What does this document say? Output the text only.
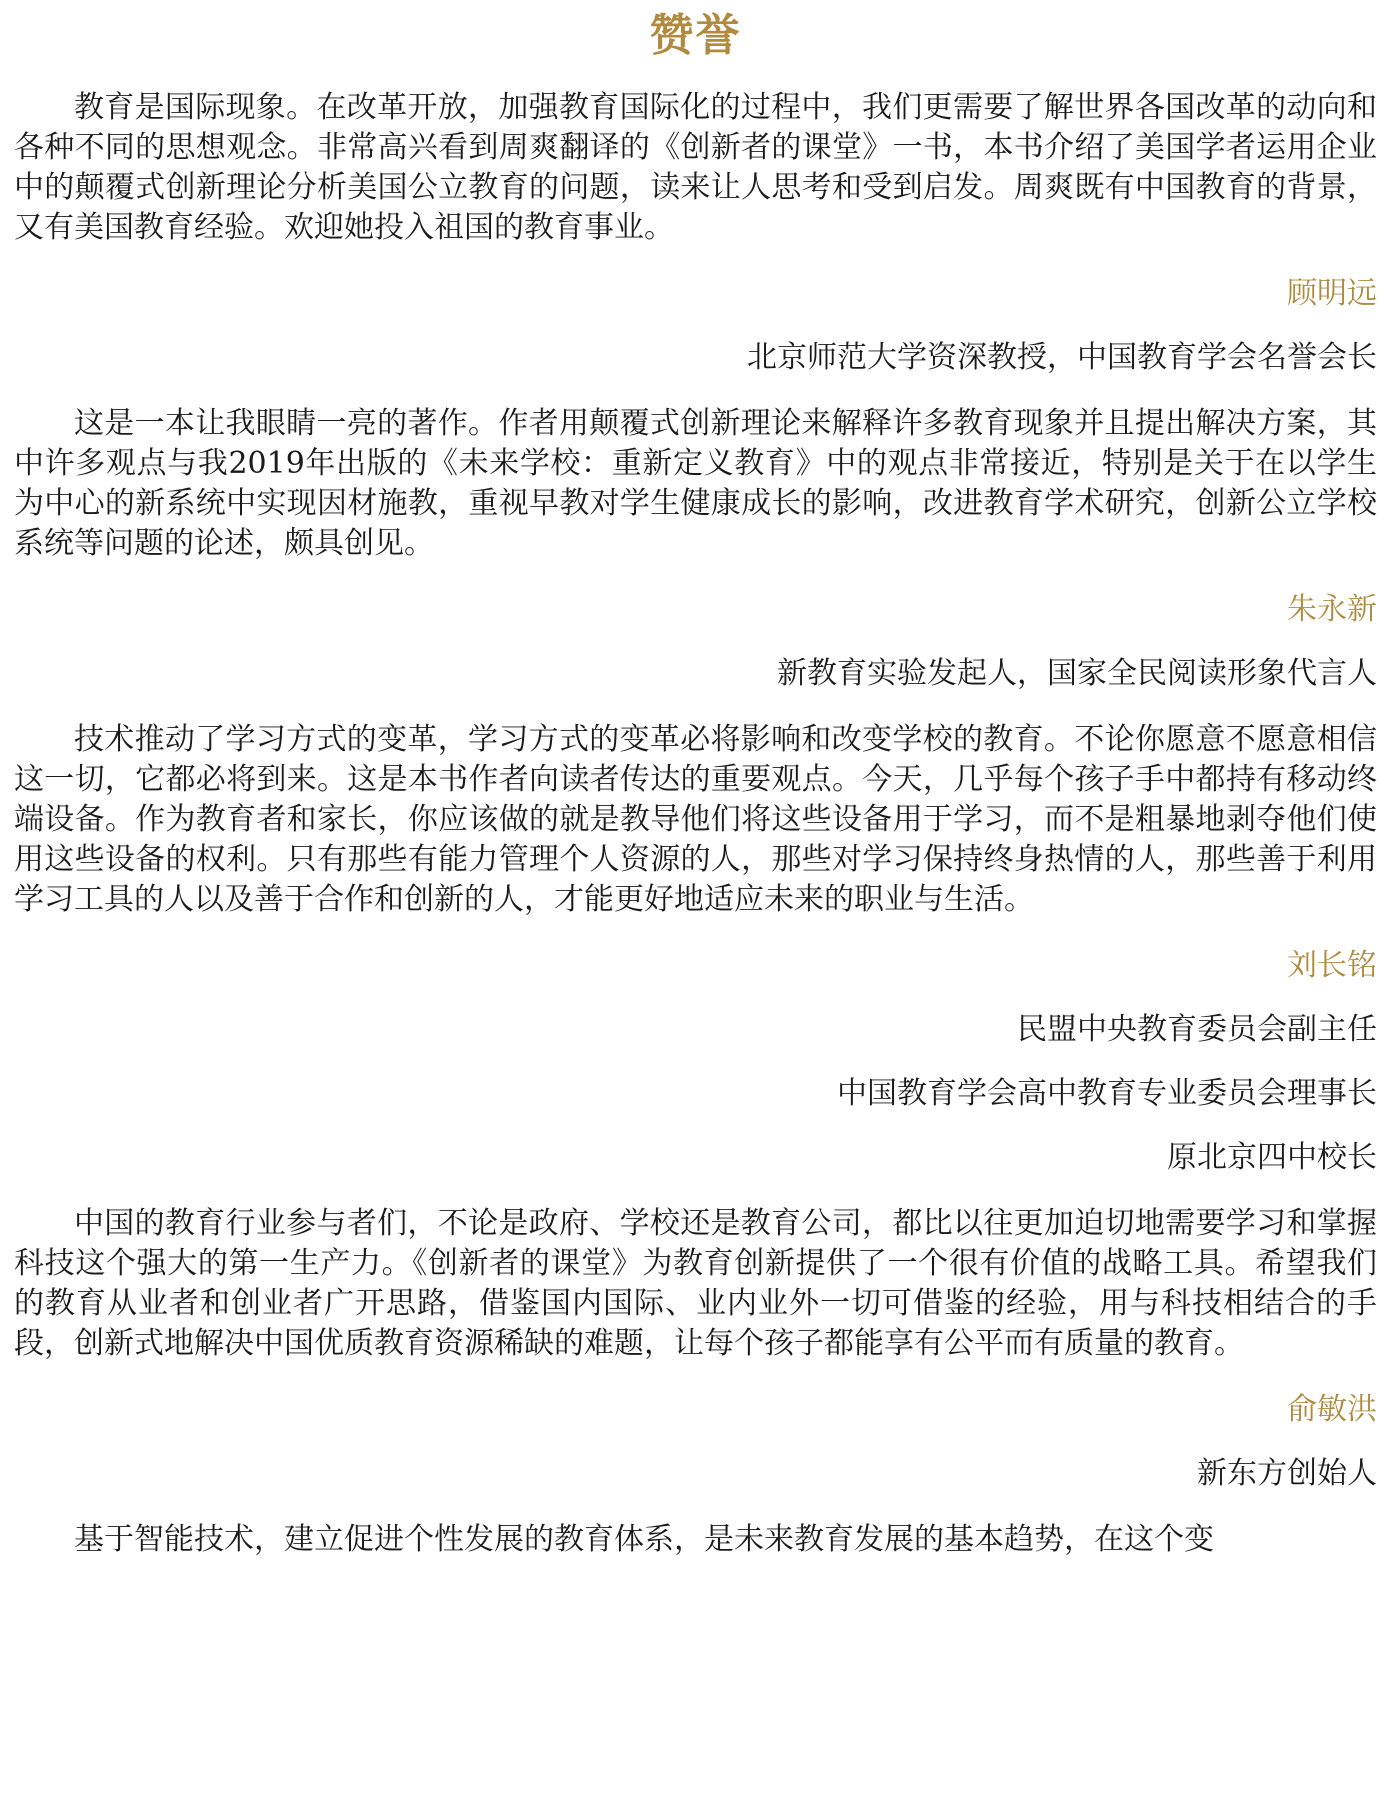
赞誉

教育是国际现象。在改革开放，加强教育国际化的过程中，我们更需要了解世界各国改革的动向和各种不同的思想观念。非常高兴看到周爽翻译的《创新者的课堂》一书，本书介绍了美国学者运用企业中的颠覆式创新理论分析美国公立教育的问题，读来让人思考和受到启发。周爽既有中国教育的背景，又有美国教育经验。欢迎她投入祖国的教育事业。

顾明远

北京师范大学资深教授，中国教育学会名誉会长

这是一本让我眼睛一亮的著作。作者用颠覆式创新理论来解释许多教育现象并且提出解决方案，其中许多观点与我2019年出版的《未来学校：重新定义教育》中的观点非常接近，特别是关于在以学生为中心的新系统中实现因材施教，重视早教对学生健康成长的影响，改进教育学术研究，创新公立学校系统等问题的论述，颇具创见。

朱永新

新教育实验发起人，国家全民阅读形象代言人

技术推动了学习方式的变革，学习方式的变革必将影响和改变学校的教育。不论你愿意不愿意相信这一切，它都必将到来。这是本书作者向读者传达的重要观点。今天，几乎每个孩子手中都持有移动终端设备。作为教育者和家长，你应该做的就是教导他们将这些设备用于学习，而不是粗暴地剥夺他们使用这些设备的权利。只有那些有能力管理个人资源的人，那些对学习保持终身热情的人，那些善于利用学习工具的人以及善于合作和创新的人，才能更好地适应未来的职业与生活。

刘长铭

民盟中央教育委员会副主任

中国教育学会高中教育专业委员会理事长

原北京四中校长

中国的教育行业参与者们，不论是政府、学校还是教育公司，都比以往更加迫切地需要学习和掌握科技这个强大的第一生产力。《创新者的课堂》为教育创新提供了一个很有价值的战略工具。希望我们的教育从业者和创业者广开思路，借鉴国内国际、业内业外一切可借鉴的经验，用与科技相结合的手段，创新式地解决中国优质教育资源稀缺的难题，让每个孩子都能享有公平而有质量的教育。

俞敏洪

新东方创始人

基于智能技术，建立促进个性发展的教育体系，是未来教育发展的基本趋势，在这个变
